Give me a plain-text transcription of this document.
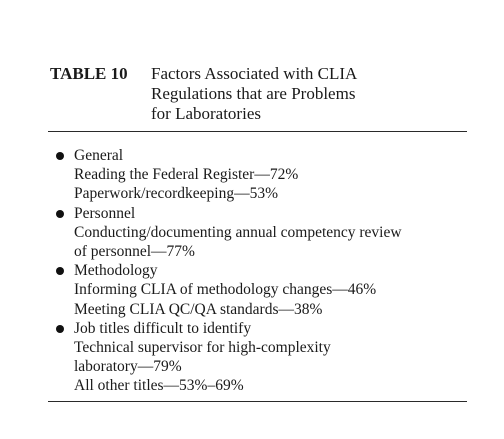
TABLE 10 Factors Associated with CLIA
Regulations that are Problems
for Laboratories
General
Reading the Federal Register—72%
Paperwork/recordkeeping—53%
Personnel
Conducting/documenting annual competency review
of personnel—77%
Methodology
Informing CLIA of methodology changes—46%
Meeting CLIA QC/QA standards—38%
Job titles difficult to identify
Technical supervisor for high-complexity
laboratory—79%
All other titles—53%–69%
